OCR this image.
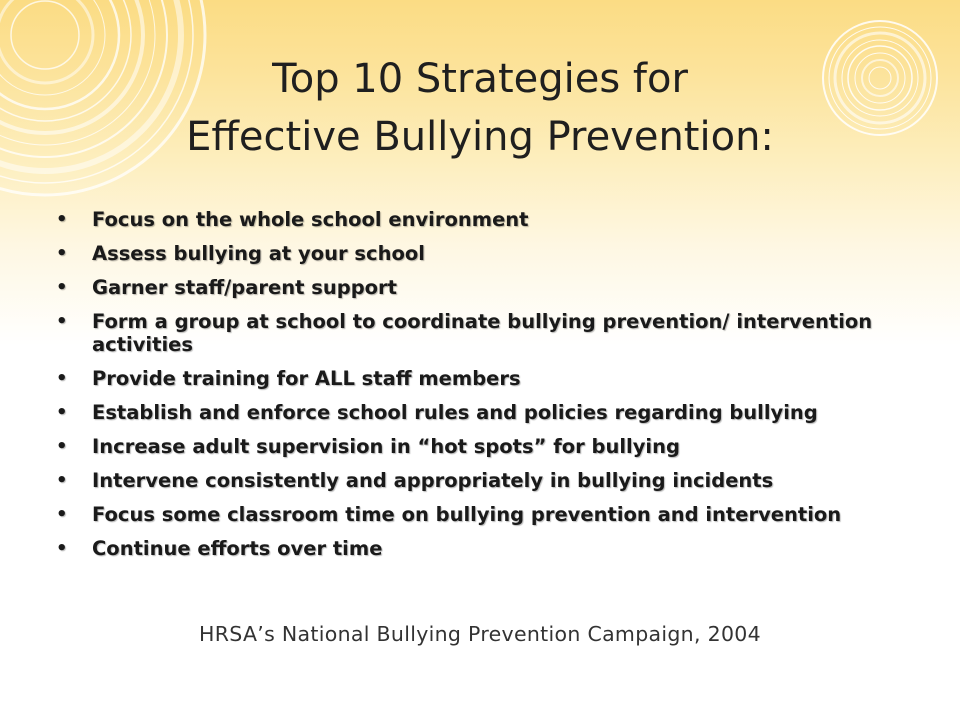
Top 10 Strategies for
Effective Bullying Prevention:
• Focus on the whole school environment
• Assess bullying at your school
• Garner staff/parent support
• Form a group at school to coordinate bullying prevention/ intervention activities
• Provide training for ALL staff members
• Establish and enforce school rules and policies regarding bullying
• Increase adult supervision in “hot spots” for bullying
• Intervene consistently and appropriately in bullying incidents
• Focus some classroom time on bullying prevention and intervention
• Continue efforts over time
HRSA’s National Bullying Prevention Campaign, 2004
